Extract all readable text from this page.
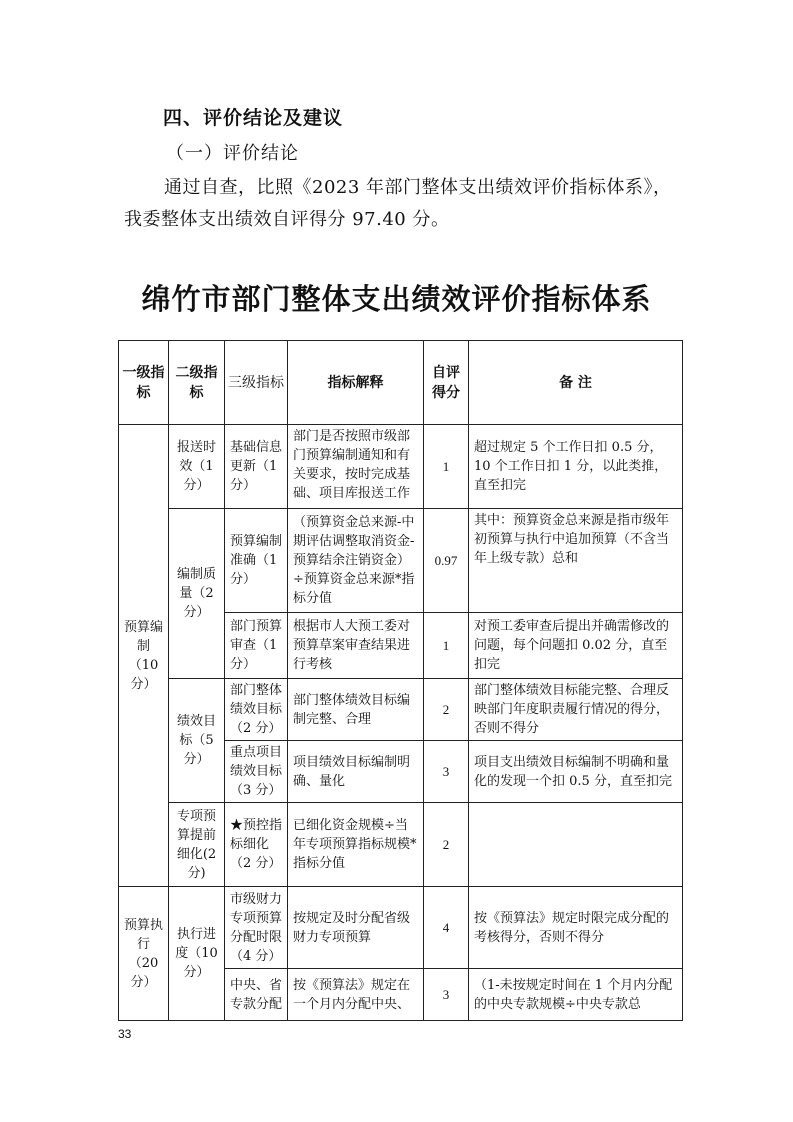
四、评价结论及建议
（一）评价结论
通过自查，比照《2023 年部门整体支出绩效评价指标体系》，
我委整体支出绩效自评得分 97.40 分。
绵竹市部门整体支出绩效评价指标体系
一级指标	二级指标	三级指标	指标解释	自评得分	备 注
预算编制（10 分）	报送时效（1 分）	基础信息更新（1 分）	部门是否按照市级部门预算编制通知和有关要求，按时完成基础、项目库报送工作	1	超过规定 5 个工作日扣 0.5 分，10 个工作日扣 1 分，以此类推，直至扣完
	编制质量（2 分）	预算编制准确（1 分）	（预算资金总来源-中期评估调整取消资金-预算结余注销资金）÷预算资金总来源*指标分值	0.97	其中：预算资金总来源是指市级年初预算与执行中追加预算（不含当年上级专款）总和
		部门预算审查（1 分）	根据市人大预工委对预算草案审查结果进行考核	1	对预工委审查后提出并确需修改的问题，每个问题扣 0.02 分，直至扣完
	绩效目标（5 分）	部门整体绩效目标（2 分）	部门整体绩效目标编制完整、合理	2	部门整体绩效目标能完整、合理反映部门年度职责履行情况的得分，否则不得分
		重点项目绩效目标（3 分）	项目绩效目标编制明确、量化	3	项目支出绩效目标编制不明确和量化的发现一个扣 0.5 分，直至扣完
	专项预算提前细化(2 分)	★预控指标细化（2 分）	已细化资金规模÷当年专项预算指标规模*指标分值	2	
预算执行（20 分）	执行进度（10 分）	市级财力专项预算分配时限（4 分）	按规定及时分配省级财力专项预算	4	按《预算法》规定时限完成分配的考核得分，否则不得分
		中央、省专款分配	按《预算法》规定在一个月内分配中央、	3	（1-未按规定时间在 1 个月内分配的中央专款规模÷中央专款总
33
